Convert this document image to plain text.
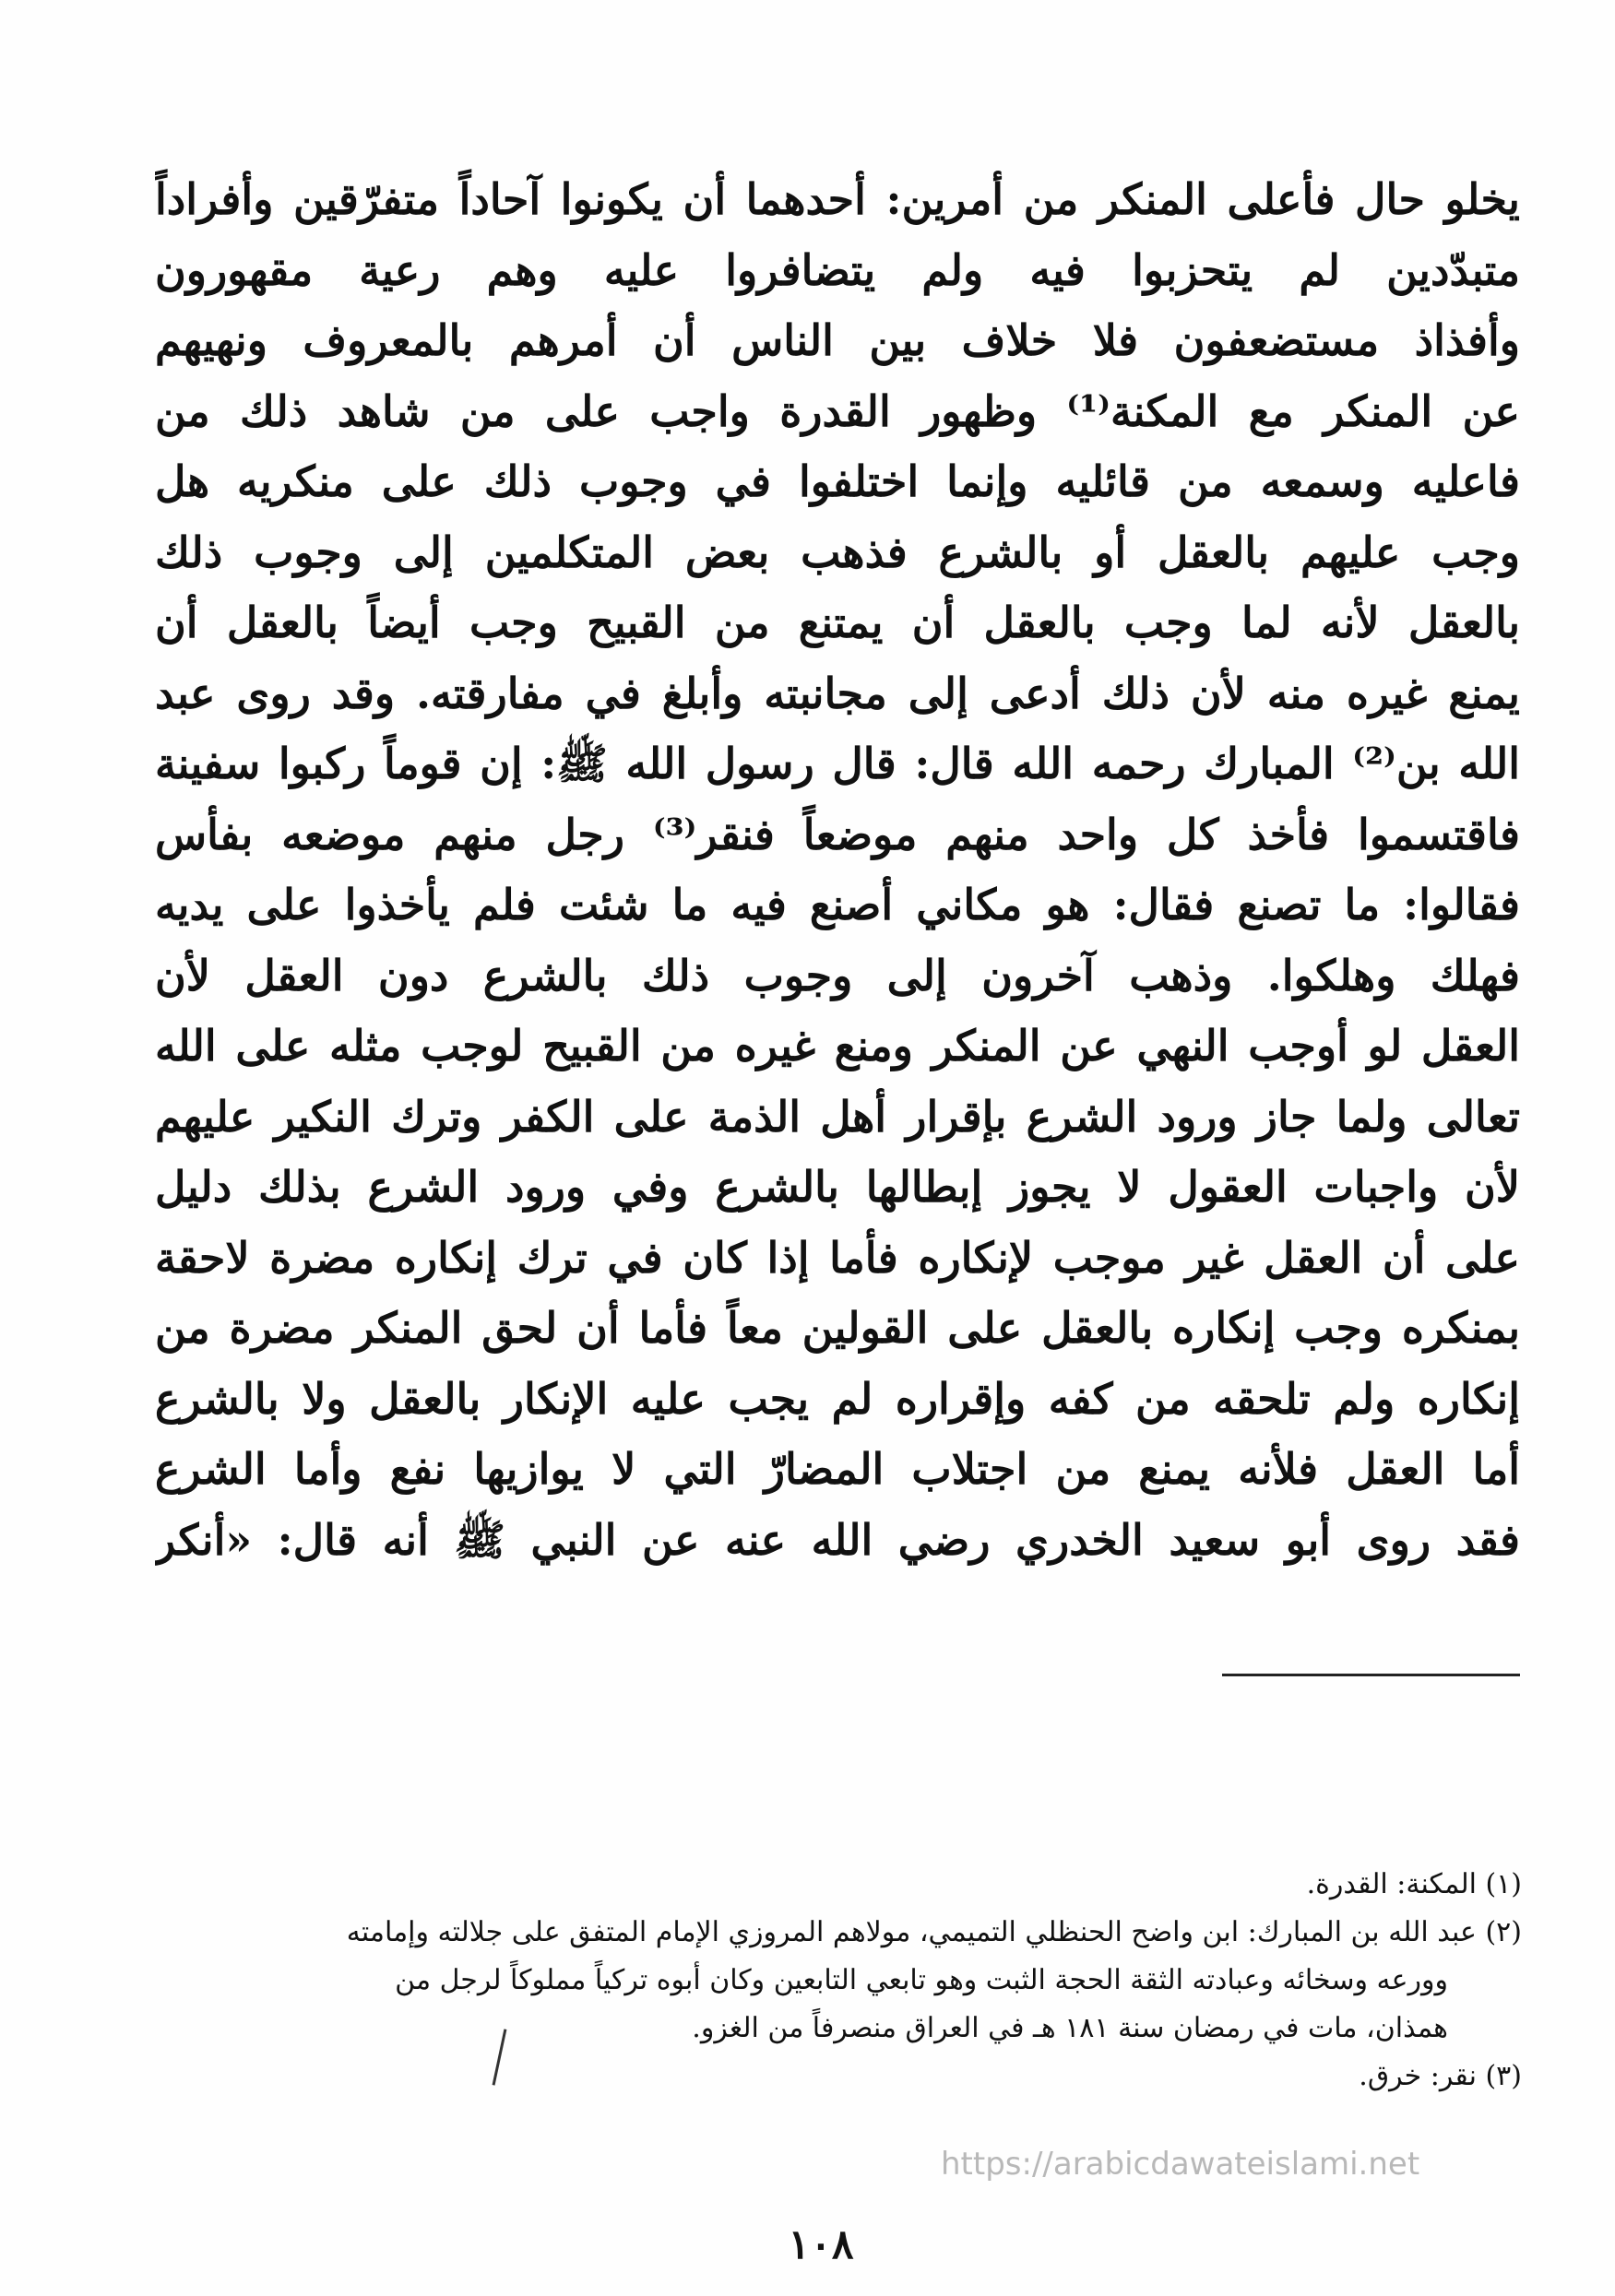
يخلو حال فأعلى المنكر من أمرين: أحدهما أن يكونوا آحاداً متفرّقين وأفراداً
متبدّدين لم يتحزبوا فيه ولم يتضافروا عليه وهم رعية مقهورون
وأفذاذ مستضعفون فلا خلاف بين الناس أن أمرهم بالمعروف ونهيهم
عن المنكر مع المكنة⁽¹⁾ وظهور القدرة واجب على من شاهد ذلك من
فاعليه وسمعه من قائليه وإنما اختلفوا في وجوب ذلك على منكريه هل
وجب عليهم بالعقل أو بالشرع فذهب بعض المتكلمين إلى وجوب ذلك
بالعقل لأنه لما وجب بالعقل أن يمتنع من القبيح وجب أيضاً بالعقل أن
يمنع غيره منه لأن ذلك أدعى إلى مجانبته وأبلغ في مفارقته. وقد روى عبد
الله بن⁽²⁾ المبارك رحمه الله قال: قال رسول الله ﷺ: إن قوماً ركبوا سفينة
فاقتسموا فأخذ كل واحد منهم موضعاً فنقر⁽³⁾ رجل منهم موضعه بفأس
فقالوا: ما تصنع فقال: هو مكاني أصنع فيه ما شئت فلم يأخذوا على يديه
فهلك وهلكوا. وذهب آخرون إلى وجوب ذلك بالشرع دون العقل لأن
العقل لو أوجب النهي عن المنكر ومنع غيره من القبيح لوجب مثله على الله
تعالى ولما جاز ورود الشرع بإقرار أهل الذمة على الكفر وترك النكير عليهم
لأن واجبات العقول لا يجوز إبطالها بالشرع وفي ورود الشرع بذلك دليل
على أن العقل غير موجب لإنكاره فأما إذا كان في ترك إنكاره مضرة لاحقة
بمنكره وجب إنكاره بالعقل على القولين معاً فأما أن لحق المنكر مضرة من
إنكاره ولم تلحقه من كفه وإقراره لم يجب عليه الإنكار بالعقل ولا بالشرع
أما العقل فلأنه يمنع من اجتلاب المضارّ التي لا يوازيها نفع وأما الشرع
فقد روى أبو سعيد الخدري رضي الله عنه عن النبي ﷺ أنه قال: «أنكر
(١) المكنة: القدرة.
(٢) عبد الله بن المبارك: ابن واضح الحنظلي التميمي، مولاهم المروزي الإمام المتفق على جلالته وإمامته
وورعه وسخائه وعبادته الثقة الحجة الثبت وهو تابعي التابعين وكان أبوه تركياً مملوكاً لرجل من
همذان، مات في رمضان سنة ١٨١ هـ في العراق منصرفاً من الغزو.
(٣) نقر: خرق.
https://arabicdawateislami.net
١٠٨
